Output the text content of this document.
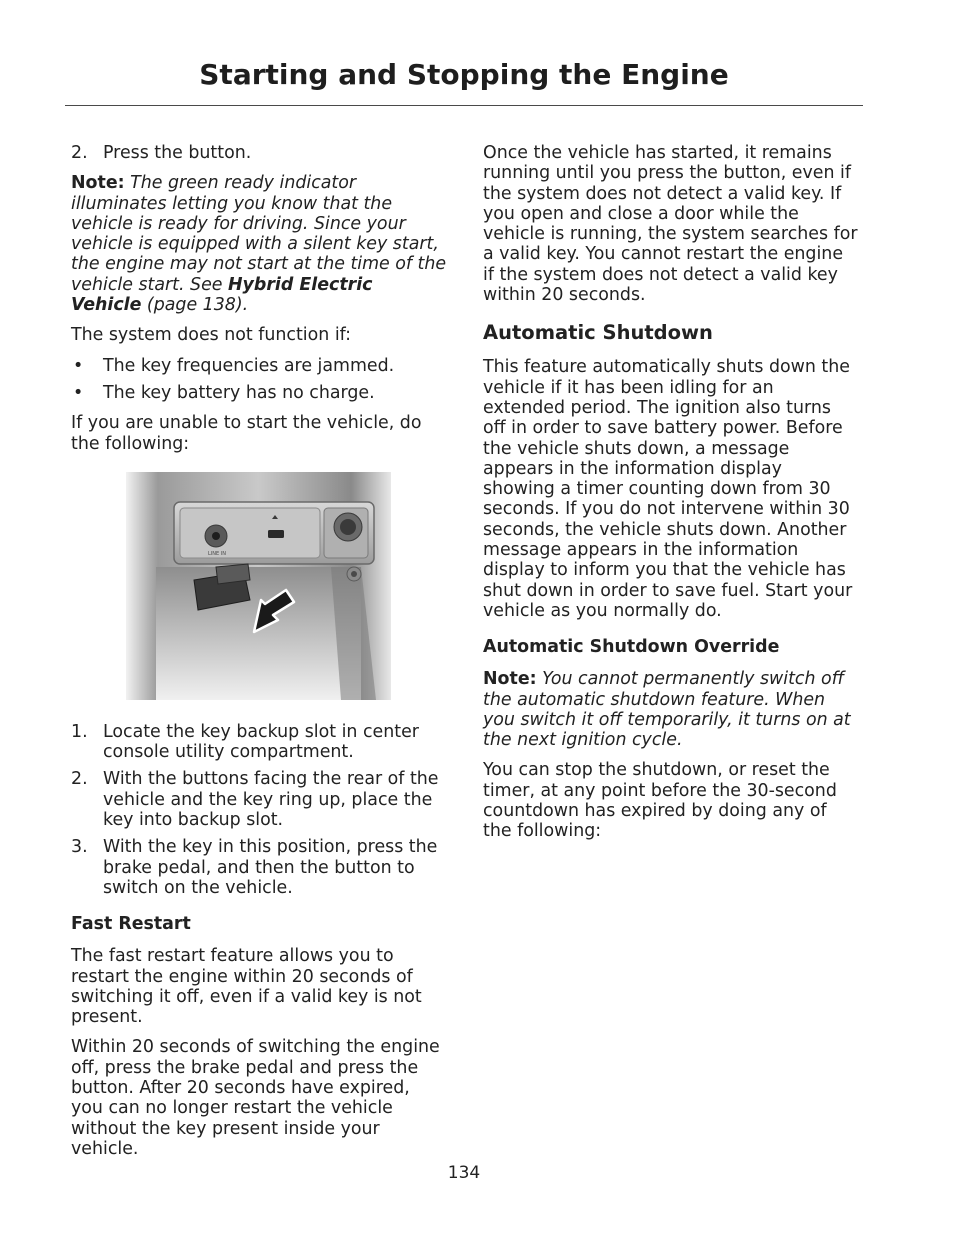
Starting and Stopping the Engine
2. Press the button.

Note: The green ready indicator illuminates letting you know that the vehicle is ready for driving. Since your vehicle is equipped with a silent key start, the engine may not start at the time of the vehicle start. See Hybrid Electric Vehicle (page 138).

The system does not function if:

• The key frequencies are jammed.
• The key battery has no charge.

If you are unable to start the vehicle, do the following:

LINE IN
1. Locate the key backup slot in center console utility compartment.
2. With the buttons facing the rear of the vehicle and the key ring up, place the key into backup slot.
3. With the key in this position, press the brake pedal, and then the button to switch on the vehicle.
Fast Restart

The fast restart feature allows you to restart the engine within 20 seconds of switching it off, even if a valid key is not present.

Within 20 seconds of switching the engine off, press the brake pedal and press the button. After 20 seconds have expired, you can no longer restart the vehicle without the key present inside your vehicle.

Once the vehicle has started, it remains running until you press the button, even if the system does not detect a valid key. If you open and close a door while the vehicle is running, the system searches for a valid key. You cannot restart the engine if the system does not detect a valid key within 20 seconds.

Automatic Shutdown

This feature automatically shuts down the vehicle if it has been idling for an extended period. The ignition also turns off in order to save battery power. Before the vehicle shuts down, a message appears in the information display showing a timer counting down from 30 seconds. If you do not intervene within 30 seconds, the vehicle shuts down. Another message appears in the information display to inform you that the vehicle has shut down in order to save fuel. Start your vehicle as you normally do.

Automatic Shutdown Override

Note: You cannot permanently switch off the automatic shutdown feature. When you switch it off temporarily, it turns on at the next ignition cycle.

You can stop the shutdown, or reset the timer, at any point before the 30-second countdown has expired by doing any of the following:

134
